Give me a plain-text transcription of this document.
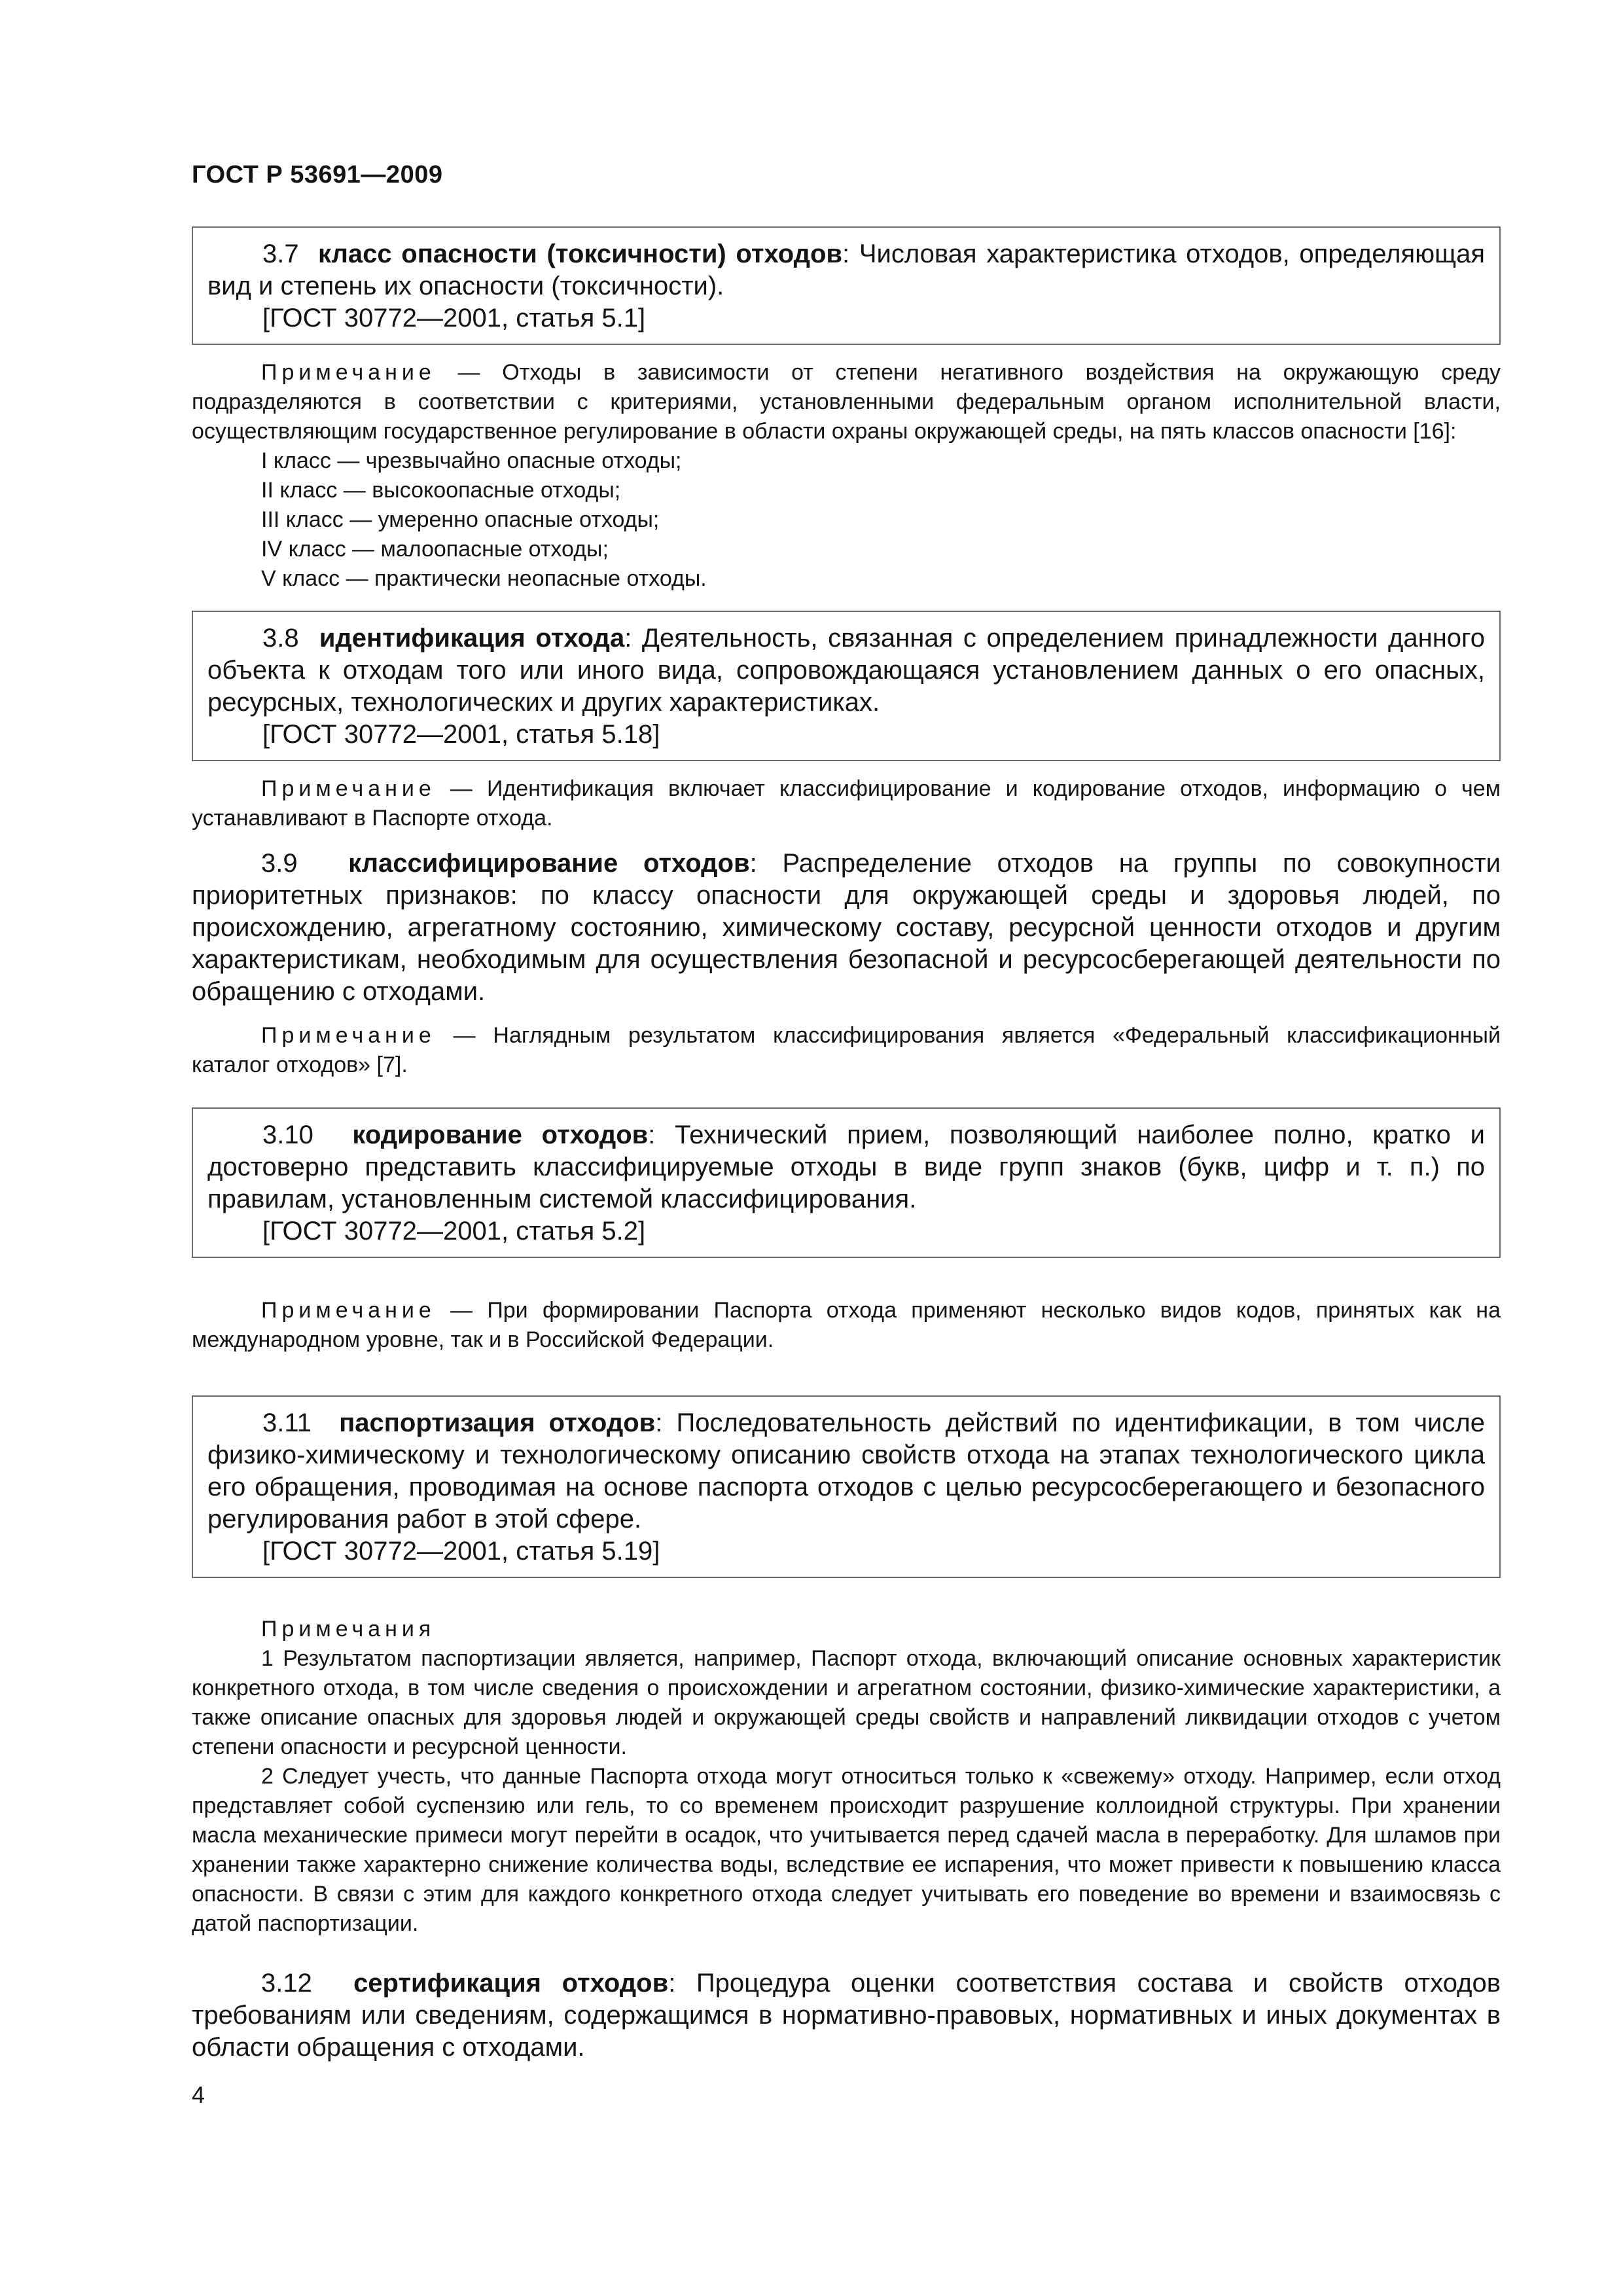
ГОСТ Р 53691—2009

3.7 класс опасности (токсичности) отходов: Числовая характеристика отходов, определяющая вид и степень их опасности (токсичности).

[ГОСТ 30772—2001, статья 5.1]

Примечание — Отходы в зависимости от степени негативного воздействия на окружающую среду подразделяются в соответствии с критериями, установленными федеральным органом исполнительной власти, осуществляющим государственное регулирование в области охраны окружающей среды, на пять классов опасности [16]:

I класс — чрезвычайно опасные отходы;

II класс — высокоопасные отходы;

III класс — умеренно опасные отходы;

IV класс — малоопасные отходы;

V класс — практически неопасные отходы.

3.8 идентификация отхода: Деятельность, связанная с определением принадлежности данного объекта к отходам того или иного вида, сопровождающаяся установлением данных о его опасных, ресурсных, технологических и других характеристиках.

[ГОСТ 30772—2001, статья 5.18]

Примечание — Идентификация включает классифицирование и кодирование отходов, информацию о чем устанавливают в Паспорте отхода.

3.9 классифицирование отходов: Распределение отходов на группы по совокупности приоритетных признаков: по классу опасности для окружающей среды и здоровья людей, по происхождению, агрегатному состоянию, химическому составу, ресурсной ценности отходов и другим характеристикам, необходимым для осуществления безопасной и ресурсосберегающей деятельности по обращению с отходами.

Примечание — Наглядным результатом классифицирования является «Федеральный классификационный каталог отходов» [7].

3.10 кодирование отходов: Технический прием, позволяющий наиболее полно, кратко и достоверно представить классифицируемые отходы в виде групп знаков (букв, цифр и т. п.) по правилам, установленным системой классифицирования.

[ГОСТ 30772—2001, статья 5.2]

Примечание — При формировании Паспорта отхода применяют несколько видов кодов, принятых как на международном уровне, так и в Российской Федерации.

3.11 паспортизация отходов: Последовательность действий по идентификации, в том числе физико-химическому и технологическому описанию свойств отхода на этапах технологического цикла его обращения, проводимая на основе паспорта отходов с целью ресурсосберегающего и безопасного регулирования работ в этой сфере.

[ГОСТ 30772—2001, статья 5.19]

Примечания

1 Результатом паспортизации является, например, Паспорт отхода, включающий описание основных характеристик конкретного отхода, в том числе сведения о происхождении и агрегатном состоянии, физико-химические характеристики, а также описание опасных для здоровья людей и окружающей среды свойств и направлений ликвидации отходов с учетом степени опасности и ресурсной ценности.

2 Следует учесть, что данные Паспорта отхода могут относиться только к «свежему» отходу. Например, если отход представляет собой суспензию или гель, то со временем происходит разрушение коллоидной структуры. При хранении масла механические примеси могут перейти в осадок, что учитывается перед сдачей масла в переработку. Для шламов при хранении также характерно снижение количества воды, вследствие ее испарения, что может привести к повышению класса опасности. В связи с этим для каждого конкретного отхода следует учитывать его поведение во времени и взаимосвязь с датой паспортизации.

3.12 сертификация отходов: Процедура оценки соответствия состава и свойств отходов требованиям или сведениям, содержащимся в нормативно-правовых, нормативных и иных документах в области обращения с отходами.

4
